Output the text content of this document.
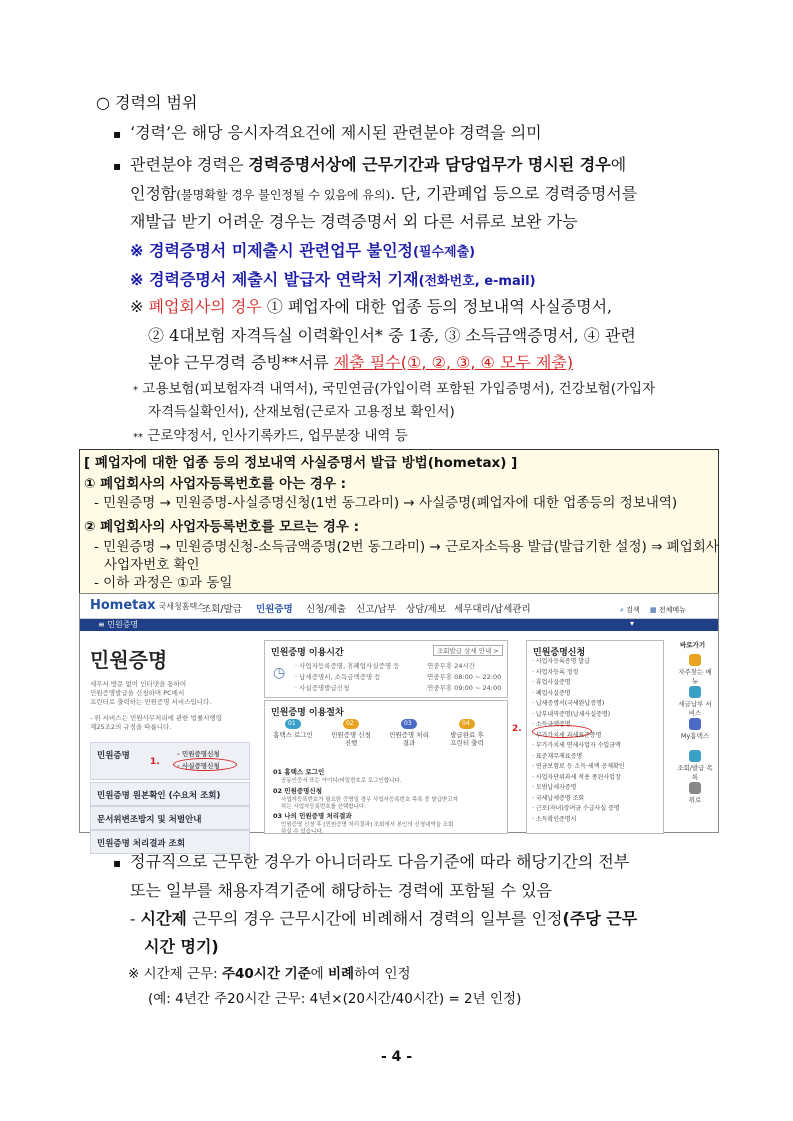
○ 경력의 범위
▪ ‘경력’은 해당 응시자격요건에 제시된 관련분야 경력을 의미
▪ 관련분야 경력은 경력증명서상에 근무기간과 담당업무가 명시된 경우에
인정함(불명확할 경우 불인정될 수 있음에 유의). 단, 기관폐업 등으로 경력증명서를
재발급 받기 어려운 경우는 경력증명서 외 다른 서류로 보완 가능
※ 경력증명서 미제출시 관련업무 불인정(필수제출)
※ 경력증명서 제출시 발급자 연락처 기재(전화번호, e-mail)
※ 폐업회사의 경우 ① 폐업자에 대한 업종 등의 정보내역 사실증명서,
② 4대보험 자격득실 이력확인서* 중 1종, ③ 소득금액증명서, ④ 관련
분야 근무경력 증빙**서류 제출 필수(①, ②, ③, ④ 모두 제출)
* 고용보험(피보험자격 내역서), 국민연금(가입이력 포함된 가입증명서), 건강보험(가입자
자격득실확인서), 산재보험(근로자 고용정보 확인서)
** 근로약정서, 인사기록카드, 업무분장 내역 등
[ 폐업자에 대한 업종 등의 정보내역 사실증명서 발급 방법(hometax) ]
① 폐업회사의 사업자등록번호를 아는 경우 :
- 민원증명 → 민원증명-사실증명신청(1번 동그라미) → 사실증명(폐업자에 대한 업종등의 정보내역)
② 폐업회사의 사업자등록번호를 모르는 경우 :
- 민원증명 → 민원증명신청-소득금액증명(2번 동그라미) → 근로자소득용 발급(발급기한 설정) ⇒ 폐업회사
사업자번호 확인
- 이하 과정은 ①과 동일
Hometax 국세청홈택스
조회/발급 민원증명 신청/제출 신고/납부 상담/제보 세무대리/납세관리	⌕ 검색 ▦ 전체메뉴
≡ 민원증명	▾
민원증명
세무서 방문 없이 인터넷을 통하여
민원증명발급을 신청하며 PC에서
프린터로 출력하는 민원증명 서비스입니다.
- 위 서비스는 민원사무처리에 관한 법률시행령
제25조2의 규정을 따릅니다.
민원증명	- 민원증명신청
- 사실증명신청
1.
민원증명 원본확인 (수요처 조회)
문서위변조방지 및 처벌안내
민원증명 처리결과 조회
민원증명 이용시간	조회발급 상세 안내 >
· 사업자등록증명, 휴폐업사실증명 등
· 납세증명서, 소득금액증명 등
· 사실증명발급신청
연중무휴 24시간
연중무휴 08:00 ~ 22:00
연중무휴 09:00 ~ 24:00
◷
민원증명 이용절차
01
홈택스 로그인
02
민원증명 신청진행
03
민원증명 처리결과
04
발급완료 후 프린터 출력
01 홈택스 로그인
공동인증서 또는 아이디/비밀번호로 로그인합니다.
02 민원증명신청
사업자등록번호가 필요한 증명일 경우 사업자등록번호 목록 중 발급받고자
하는 사업자등록번호를 선택합니다.
03 나의 민원증명 처리결과
민원증명 신청 후 [민원증명 처리결과] 조회에서 본인의 신청내역을 조회
하실 수 있습니다.
민원증명신청
2.
바로가기
· 사업자등록증명 발급
· 사업자등록 정정
· 휴업사실증명
· 폐업사실증명
· 납세증명서(국세완납증명)
· 납부내역증명(납세사실증명)
· 소득금액증명
· 부가가치세 과세표준증명
· 부가가치세 면세사업자 수입금액
· 표준재무제표증명
· 연금보험료 등 소득·세액 공제확인
· 사업자단위과세 적용 종된사업장
· 모범납세자증명
· 국세납세증명 조회
· 근로(자녀)장려금 수급사실 증명
· 소득확인증명서
자주찾는 메뉴
세금납부 서비스
My홈택스
조회/발급 목록
위로
▪ 정규직으로 근무한 경우가 아니더라도 다음기준에 따라 해당기간의 전부
또는 일부를 채용자격기준에 해당하는 경력에 포함될 수 있음
- 시간제 근무의 경우 근무시간에 비례해서 경력의 일부를 인정(주당 근무
시간 명기)
※ 시간제 근무: 주40시간 기준에 비례하여 인정
(예: 4년간 주20시간 근무: 4년×(20시간/40시간) = 2년 인정)
- 4 -
